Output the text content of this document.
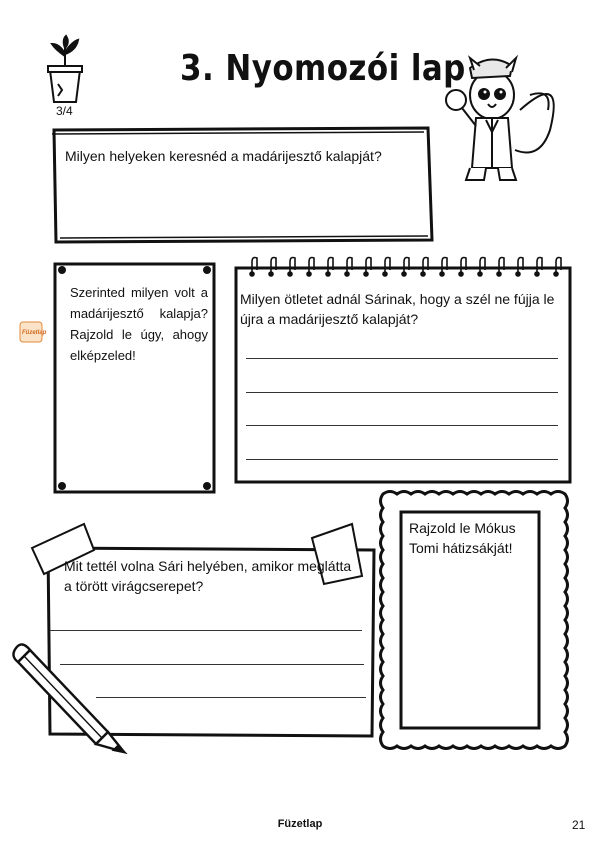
3. Nyomozói lap
3/4
Milyen helyeken keresnéd a madárijesztő kalapját?
Szerinted milyen volt a madárijesztő kalapja? Rajzold le úgy, ahogy elképzeled!
Füzetlap
Milyen ötletet adnál Sárinak, hogy a szél ne fújja le újra a madárijesztő kalapját?
Mit tettél volna Sári helyében, amikor meglátta a törött virágcserepet?
Rajzold le Mókus Tomi hátizsákját!
Füzetlap	21
